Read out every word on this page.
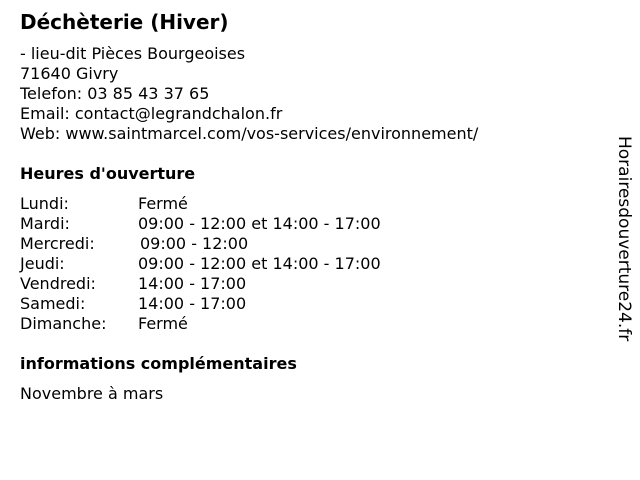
Déchèterie (Hiver)
- lieu-dit Pièces Bourgeoises
71640 Givry
Telefon: 03 85 43 37 65
Email: contact@legrandchalon.fr
Web: www.saintmarcel.com/vos-services/environnement/
Heures d'ouverture
Lundi:	Fermé
Mardi:	09:00 - 12:00 et 14:00 - 17:00
Mercredi:	09:00 - 12:00
Jeudi:	09:00 - 12:00 et 14:00 - 17:00
Vendredi:	14:00 - 17:00
Samedi:	14:00 - 17:00
Dimanche: Fermé
informations complémentaires
Novembre à mars
Horairesdouverture24.fr
